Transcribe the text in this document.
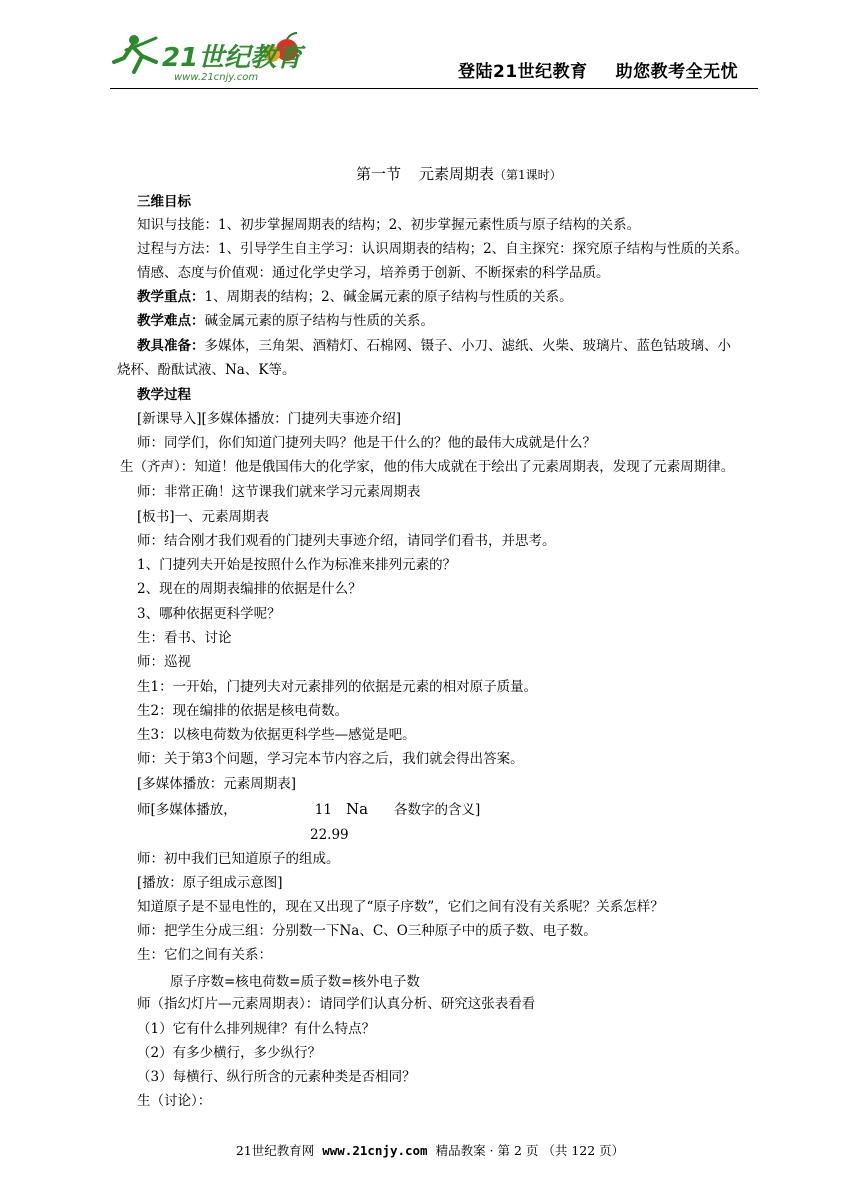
21世纪教育
www.21cnjy.com	登陆21世纪教育 助您教考全无忧
第一节 元素周期表（第1课时）
三维目标
知识与技能：1、初步掌握周期表的结构；2、初步掌握元素性质与原子结构的关系。
过程与方法：1、引导学生自主学习：认识周期表的结构；2、自主探究：探究原子结构与性质的关系。
情感、态度与价值观：通过化学史学习，培养勇于创新、不断探索的科学品质。
教学重点：1、周期表的结构；2、碱金属元素的原子结构与性质的关系。
教学难点：碱金属元素的原子结构与性质的关系。
教具准备：多媒体，三角架、酒精灯、石棉网、镊子、小刀、滤纸、火柴、玻璃片、蓝色钴玻璃、小
烧杯、酚酞试液、Na、K等。
教学过程
[新课导入][多媒体播放：门捷列夫事迹介绍]
师：同学们，你们知道门捷列夫吗？他是干什么的？他的最伟大成就是什么？
生（齐声）：知道！他是俄国伟大的化学家，他的伟大成就在于绘出了元素周期表，发现了元素周期律。
师：非常正确！这节课我们就来学习元素周期表
[板书]一、元素周期表
师：结合刚才我们观看的门捷列夫事迹介绍，请同学们看书，并思考。
1、门捷列夫开始是按照什么作为标准来排列元素的？
2、现在的周期表编排的依据是什么？
3、哪种依据更科学呢？
生：看书、讨论
师：巡视
生1：一开始，门捷列夫对元素排列的依据是元素的相对原子质量。
生2：现在编排的依据是核电荷数。
生3：以核电荷数为依据更科学些—感觉是吧。
师：关于第3个问题，学习完本节内容之后，我们就会得出答案。
[多媒体播放：元素周期表]
师[多媒体播放，	11 Na 各数字的含义]
22.99
师：初中我们已知道原子的组成。
[播放：原子组成示意图]
知道原子是不显电性的，现在又出现了“原子序数”，它们之间有没有关系呢？关系怎样？
师：把学生分成三组：分别数一下Na、C、O三种原子中的质子数、电子数。
生：它们之间有关系：
原子序数=核电荷数=质子数=核外电子数
师（指幻灯片—元素周期表）：请同学们认真分析、研究这张表看看
（1）它有什么排列规律？有什么特点？
（2）有多少横行，多少纵行？
（3）每横行、纵行所含的元素种类是否相同？
生（讨论）：
21世纪教育网 www.21cnjy.com 精品教案 · 第 2 页 （共 122 页）
